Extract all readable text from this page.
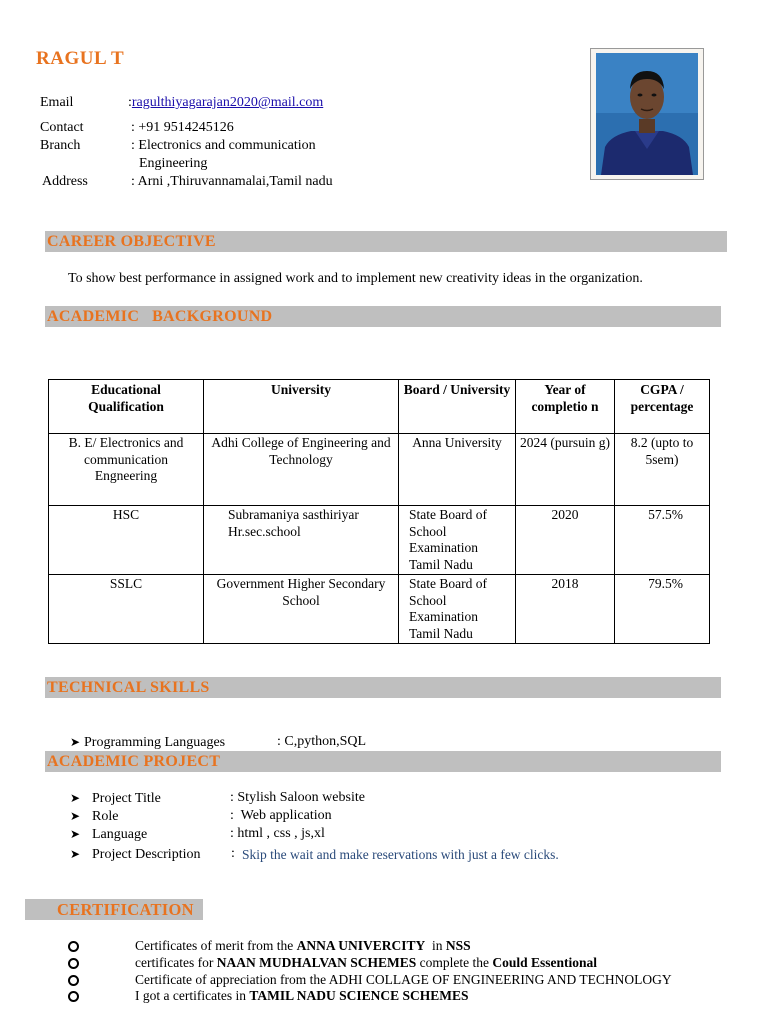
RAGUL T
Email	:ragulthiyagarajan2020@mail.com
Contact	: +91 9514245126
Branch	: Electronics and communication
Engineering
Address	: Arni ,Thiruvannamalai,Tamil nadu
CAREER OBJECTIVE
To show best performance in assigned work and to implement new creativity ideas in the organization.
ACADEMIC   BACKGROUND
Educational Qualification	University	Board / University	Year of completio n	CGPA / percentage
B. E/ Electronics and communication Engneering	Adhi College of Engineering and Technology	Anna University	2024 (pursuin g)	8.2 (upto to 5sem)
HSC	Subramaniya sasthiriyar Hr.sec.school	State Board of School Examination Tamil Nadu	2020	57.5%
SSLC	Government Higher Secondary School	State Board of School Examination Tamil Nadu	2018	79.5%
TECHNICAL SKILLS
➤ Programming Languages	: C,python,SQL
ACADEMIC PROJECT
➤ Project Title	: Stylish Saloon website
➤ Role	:  Web application
➤ Language	: html , css , js,xl
➤ Project Description : Skip the wait and make reservations with just a few clicks.
CERTIFICATION
Certificates of merit from the ANNA UNIVERCITY  in NSS
certificates for NAAN MUDHALVAN SCHEMES complete the Could Essentional
Certificate of appreciation from the ADHI COLLAGE OF ENGINEERING AND TECHNOLOGY
I got a certificates in TAMIL NADU SCIENCE SCHEMES
